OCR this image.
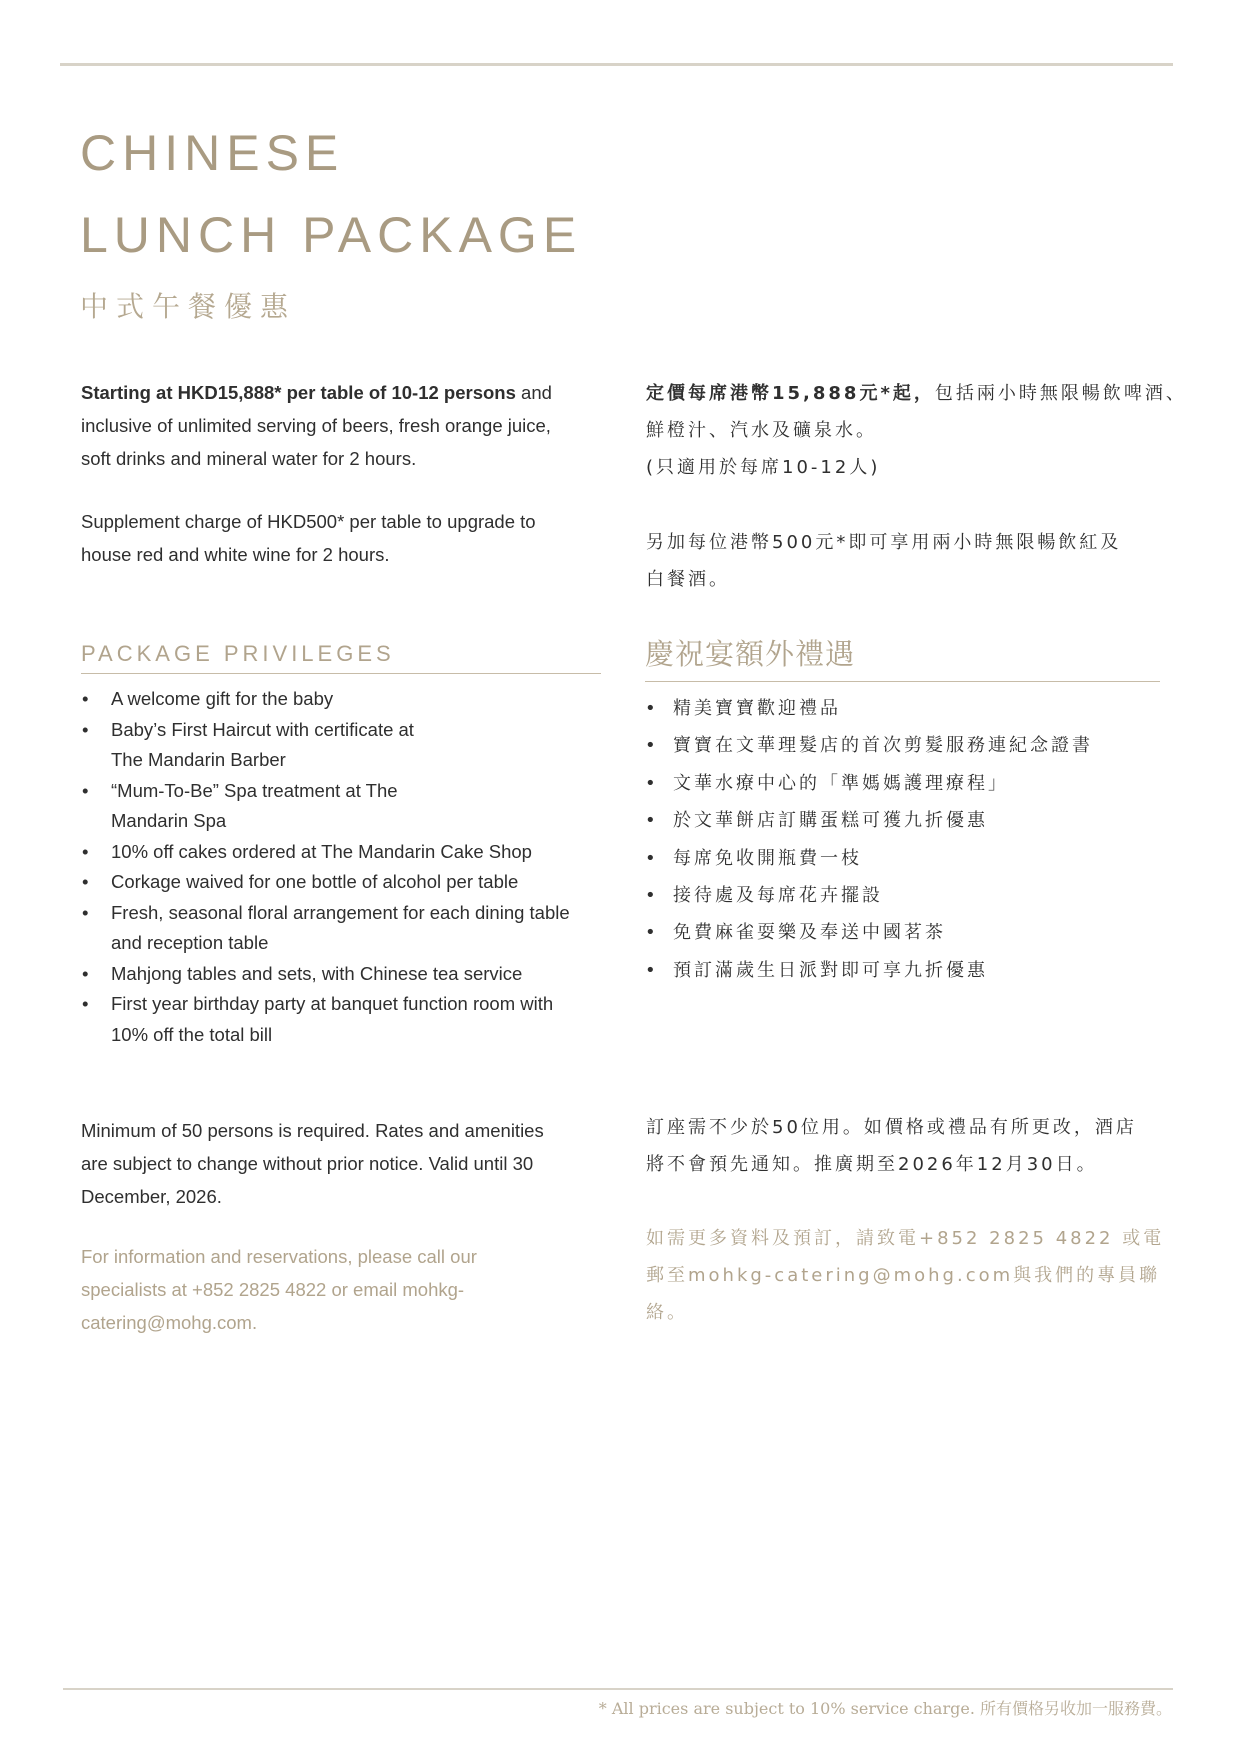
CHINESE
LUNCH PACKAGE
中式午餐優惠

Starting at HKD15,888* per table of 10-12 persons and inclusive of unlimited serving of beers, fresh orange juice, soft drinks and mineral water for 2 hours.

Supplement charge of HKD500* per table to upgrade to house red and white wine for 2 hours.

定價每席港幣15,888元*起，包括兩小時無限暢飲啤酒、鮮橙汁、汽水及礦泉水。

(只適用於每席10-12人)

另加每位港幣500元*即可享用兩小時無限暢飲紅及白餐酒。
PACKAGE PRIVILEGES	慶祝宴額外禮遇
• A welcome gift for the baby
• Baby’s First Haircut with certificate at The Mandarin Barber
• “Mum-To-Be” Spa treatment at The Mandarin Spa
• 10% off cakes ordered at The Mandarin Cake Shop
• Corkage waived for one bottle of alcohol per table
• Fresh, seasonal floral arrangement for each dining table and reception table
• Mahjong tables and sets, with Chinese tea service
• First year birthday party at banquet function room with 10% off the total bill
• 精美寶寶歡迎禮品
• 寶寶在文華理髮店的首次剪髮服務連紀念證書
• 文華水療中心的「準媽媽護理療程」
• 於文華餅店訂購蛋糕可獲九折優惠
• 每席免收開瓶費一枝
• 接待處及每席花卉擺設
• 免費麻雀耍樂及奉送中國茗茶
• 預訂滿歲生日派對即可享九折優惠
Minimum of 50 persons is required. Rates and amenities are subject to change without prior notice. Valid until 30 December, 2026.
訂座需不少於50位用。如價格或禮品有所更改，酒店將不會預先通知。推廣期至2026年12月30日。
For information and reservations, please call our specialists at +852 2825 4822 or email mohkg-catering@mohg.com.
如需更多資料及預訂，請致電+852 2825 4822 或電郵至mohkg-catering@mohg.com與我們的專員聯絡。
* All prices are subject to 10% service charge. 所有價格另收加一服務費。
